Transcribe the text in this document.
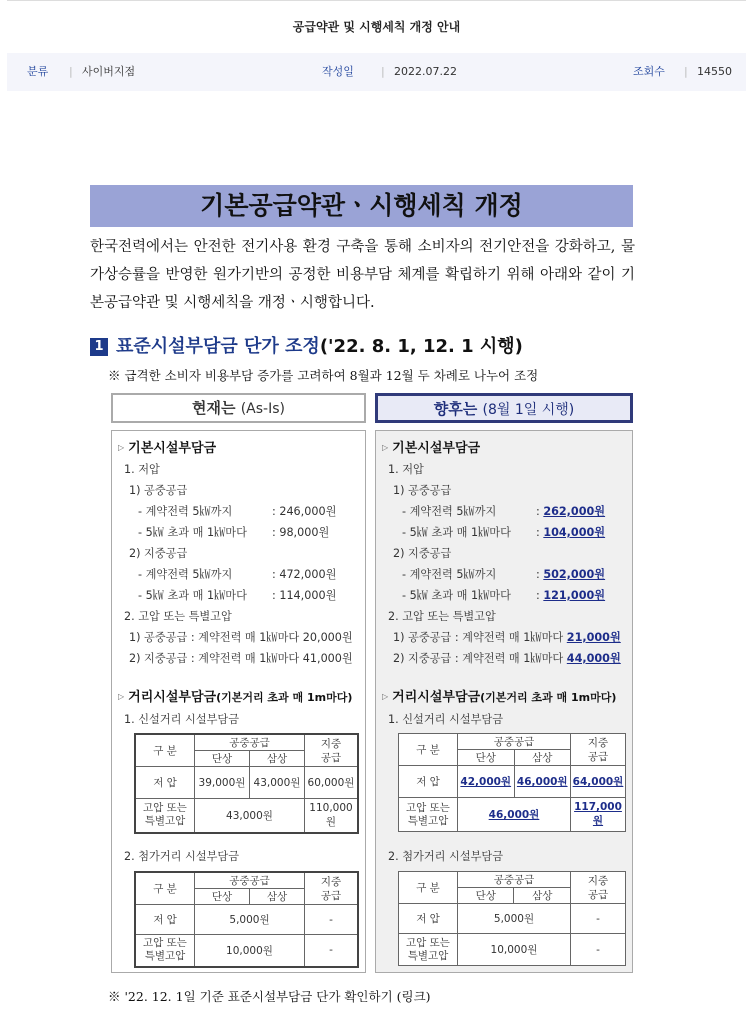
공급약관 및 시행세칙 개정 안내
분류 | 사이버지점	작성일 | 2022.07.22	조회수 | 14550
기본공급약관ㆍ시행세칙 개정
한국전력에서는 안전한 전기사용 환경 구축을 통해 소비자의 전기안전을 강화하고, 물가상승률을 반영한 원가기반의 공정한 비용부담 체계를 확립하기 위해 아래와 같이 기본공급약관 및 시행세칙을 개정ㆍ시행합니다.
1 표준시설부담금 단가 조정('22. 8. 1, 12. 1 시행)
※ 급격한 소비자 비용부담 증가를 고려하여 8월과 12월 두 차례로 나누어 조정
현재는 (As-Is)	향후는 (8월 1일 시행)
▷ 기본시설부담금
1. 저압
1) 공중공급
- 계약전력 5㎾까지	: 246,000원
- 5㎾ 초과 매 1㎾마다 : 98,000원
2) 지중공급
- 계약전력 5㎾까지	: 472,000원
- 5㎾ 초과 매 1㎾마다 : 114,000원
2. 고압 또는 특별고압
1) 공중공급 : 계약전력 매 1㎾마다 20,000원
2) 지중공급 : 계약전력 매 1㎾마다 41,000원
▷ 거리시설부담금(기본거리 초과 매 1m마다)
1. 신설거리 시설부담금
구 분	공중공급		지중
공급
	단상	삼상	
저 압	39,000원	43,000원	60,000원
고압 또는
특별고압	43,000원		110,000원
2. 첨가거리 시설부담금
구 분	공중공급		지중
공급
	단상	삼상	
저 압	5,000원		-
고압 또는
특별고압	10,000원		-
▷ 기본시설부담금
1. 저압
1) 공중공급
- 계약전력 5㎾까지	: 262,000원
- 5㎾ 초과 매 1㎾마다 : 104,000원
2) 지중공급
- 계약전력 5㎾까지	: 502,000원
- 5㎾ 초과 매 1㎾마다 : 121,000원
2. 고압 또는 특별고압
1) 공중공급 : 계약전력 매 1㎾마다 21,000원
2) 지중공급 : 계약전력 매 1㎾마다 44,000원
▷ 거리시설부담금(기본거리 초과 매 1m마다)
1. 신설거리 시설부담금
구 분	공중공급		지중
공급
	단상	삼상	
저 압	42,000원	46,000원	64,000원
고압 또는
특별고압	46,000원		117,000원
2. 첨가거리 시설부담금
구 분	공중공급		지중
공급
	단상	삼상	
저 압	5,000원		-
고압 또는
특별고압	10,000원		-
※ '22. 12. 1일 기준 표준시설부담금 단가 확인하기 (링크)
